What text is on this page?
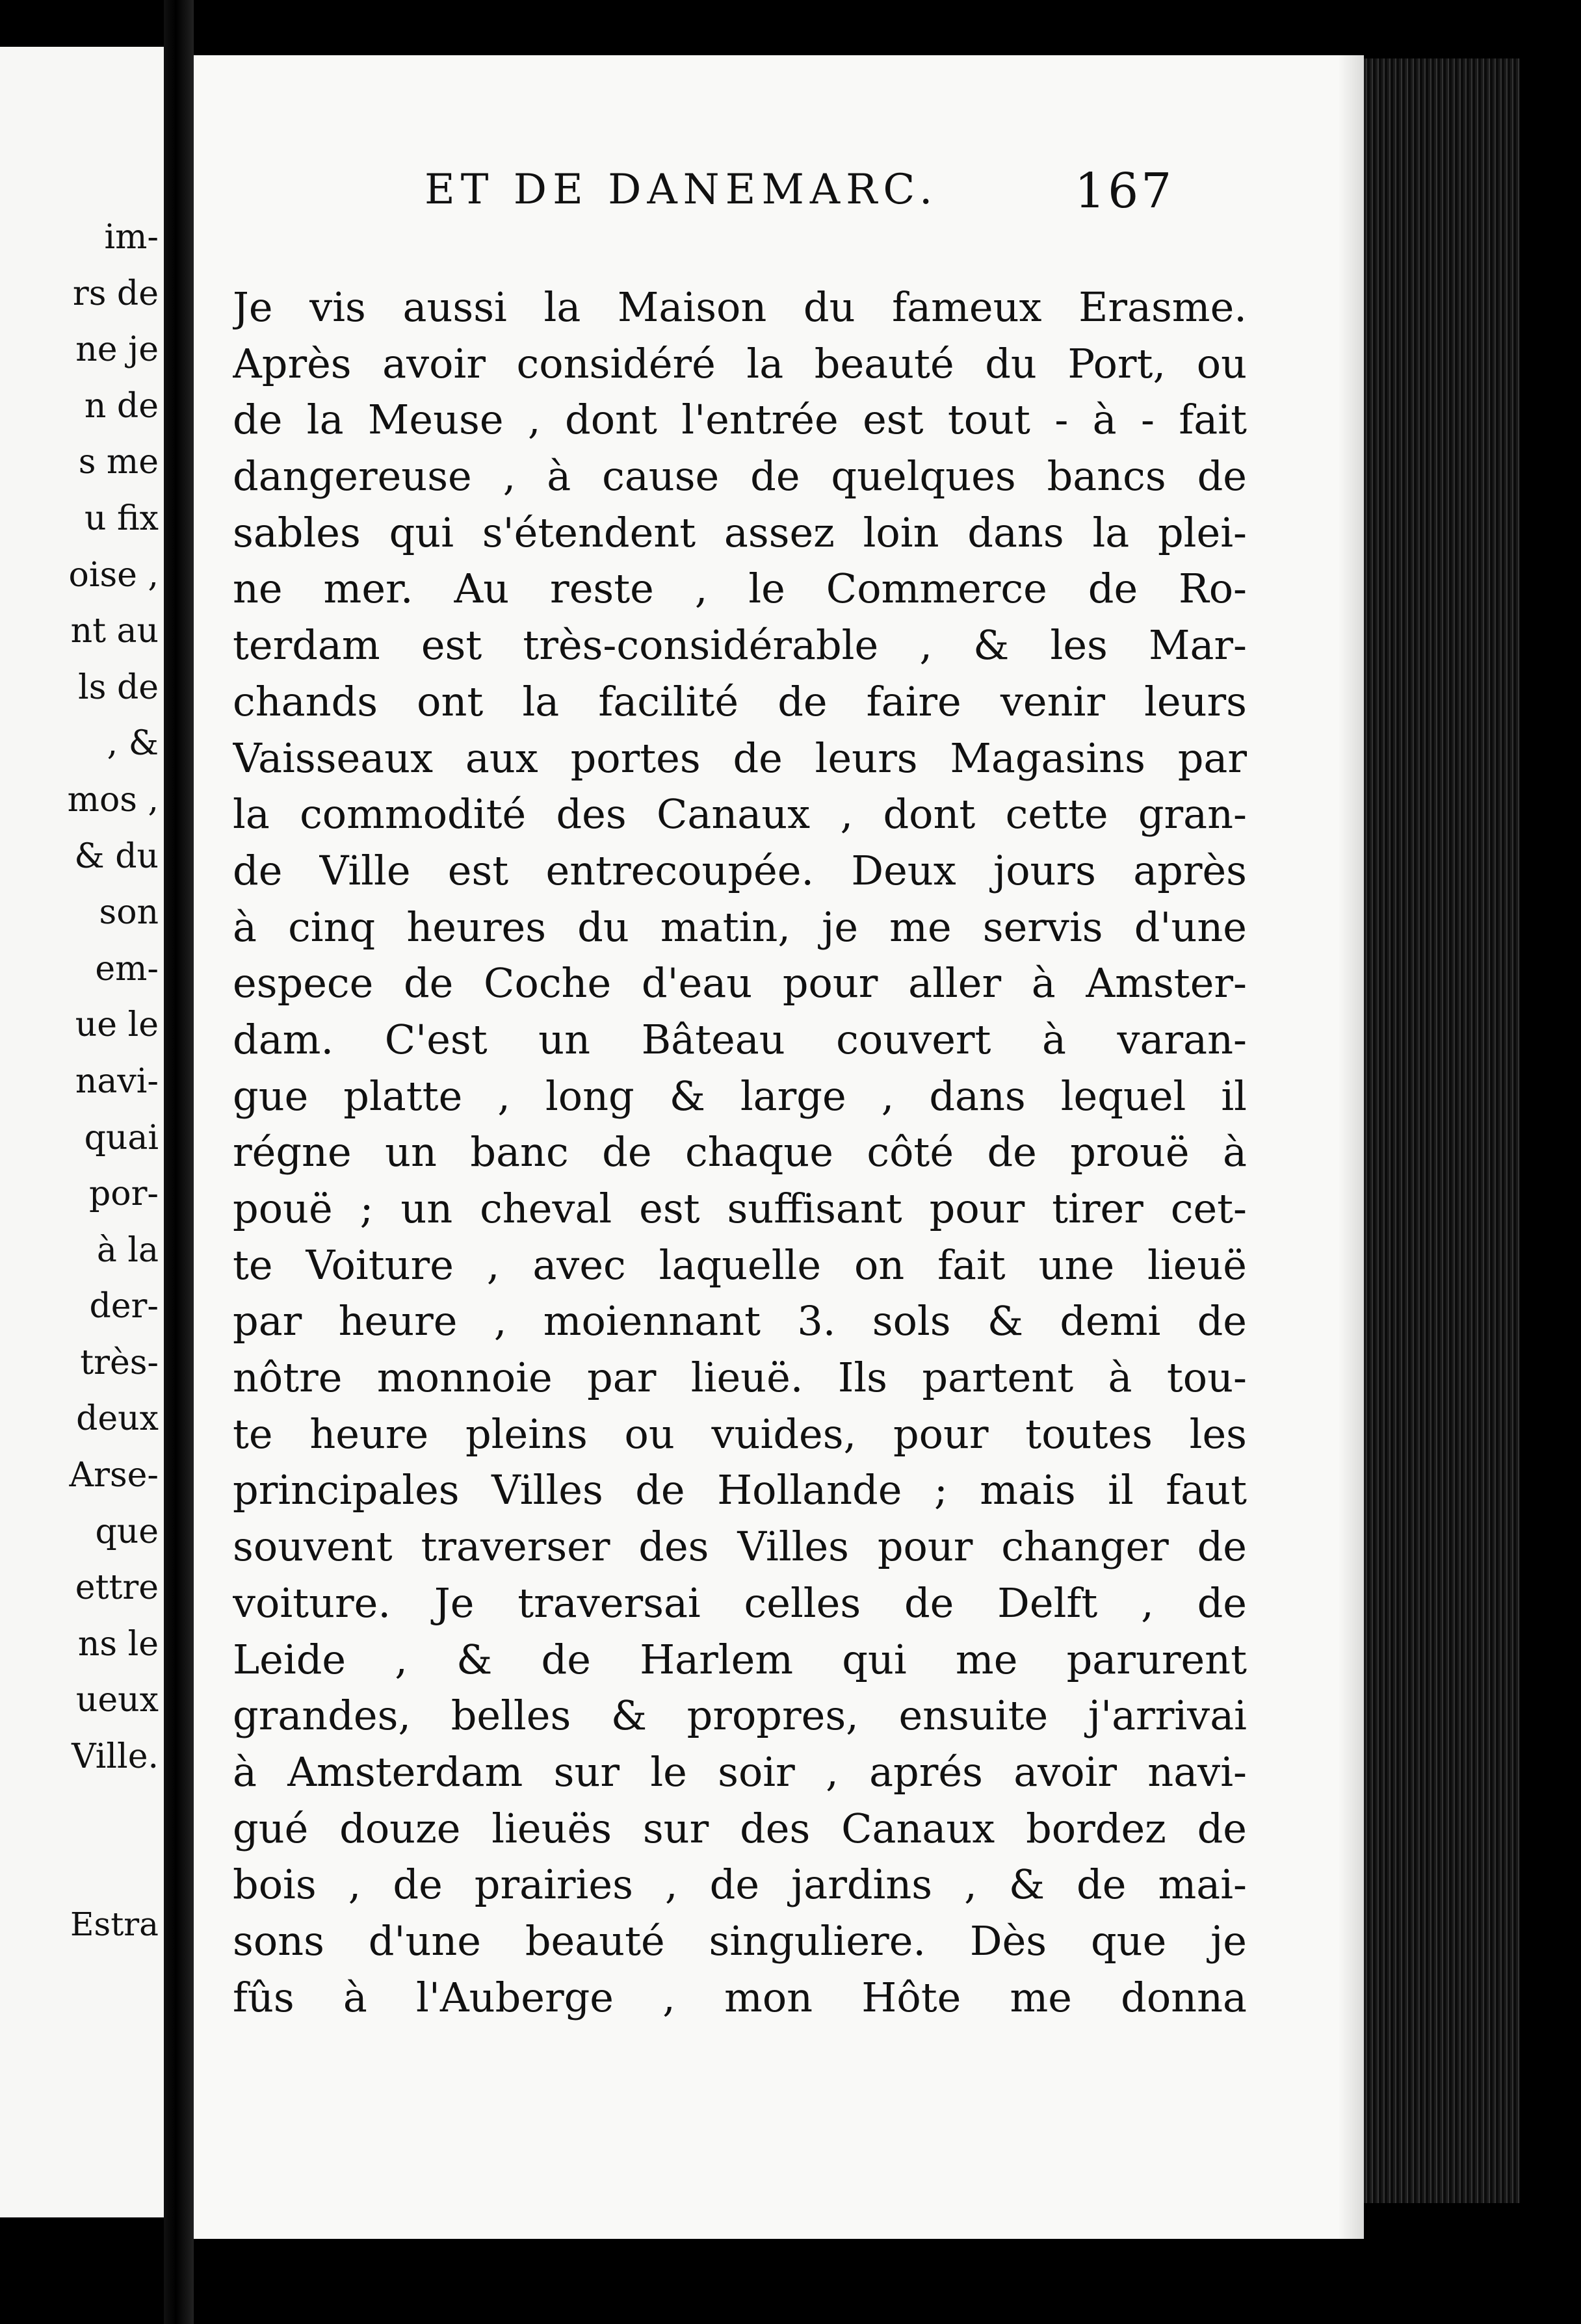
im-
rs de
ne je
n de
s me
u fix
oise ,
nt au
ls de
, &
mos ,
& du
son
em-
ue le
navi-
quai
por-
à la
der-
très-
deux
Arse-
que
ettre
ns le
ueux
Ville.
Estra
ET DE DANEMARC.	167
Je vis aussi la Maison du fameux Erasme.
Après avoir considéré la beauté du Port, ou
de la Meuse , dont l'entrée est tout - à - fait
dangereuse , à cause de quelques bancs de
sables qui s'étendent assez loin dans la plei-
ne mer. Au reste , le Commerce de Ro-
terdam est très-considérable , & les Mar-
chands ont la facilité de faire venir leurs
Vaisseaux aux portes de leurs Magasins par
la commodité des Canaux , dont cette gran-
de Ville est entrecoupée. Deux jours après
à cinq heures du matin, je me servis d'une
espece de Coche d'eau pour aller à Amster-
dam. C'est un Bâteau couvert à varan-
gue platte , long & large , dans lequel il
régne un banc de chaque côté de prouë à
pouë ; un cheval est suffisant pour tirer cet-
te Voiture , avec laquelle on fait une lieuë
par heure , moiennant 3. sols & demi de
nôtre monnoie par lieuë. Ils partent à tou-
te heure pleins ou vuides, pour toutes les
principales Villes de Hollande ; mais il faut
souvent traverser des Villes pour changer de
voiture. Je traversai celles de Delft , de
Leide , & de Harlem qui me parurent
grandes, belles & propres, ensuite j'arrivai
à Amsterdam sur le soir , aprés avoir navi-
gué douze lieuës sur des Canaux bordez de
bois , de prairies , de jardins , & de mai-
sons d'une beauté singuliere. Dès que je
fûs à l'Auberge , mon Hôte me donna
